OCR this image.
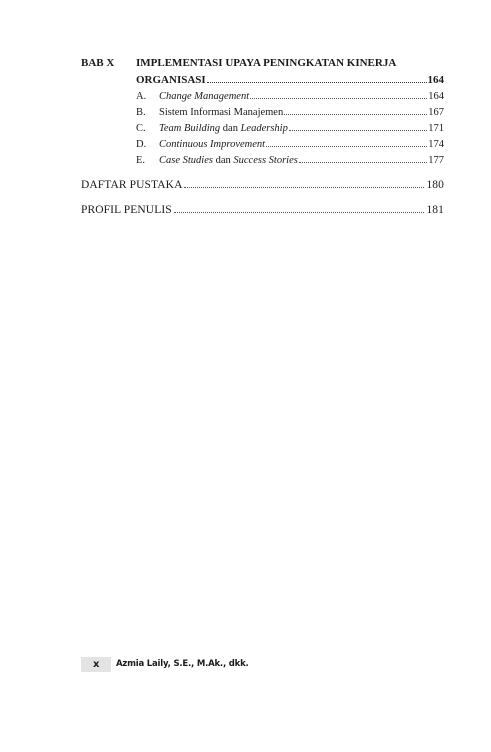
BAB X IMPLEMENTASI UPAYA PENINGKATAN KINERJA
ORGANISASI	164
A.	Change Management	164
B.	Sistem Informasi Manajemen	167
C.	Team Building dan Leadership	171
D.	Continuous Improvement	174
E.	Case Studies dan Success Stories	177
DAFTAR PUSTAKA	180
PROFIL PENULIS	181
x Azmia Laily, S.E., M.Ak., dkk.
